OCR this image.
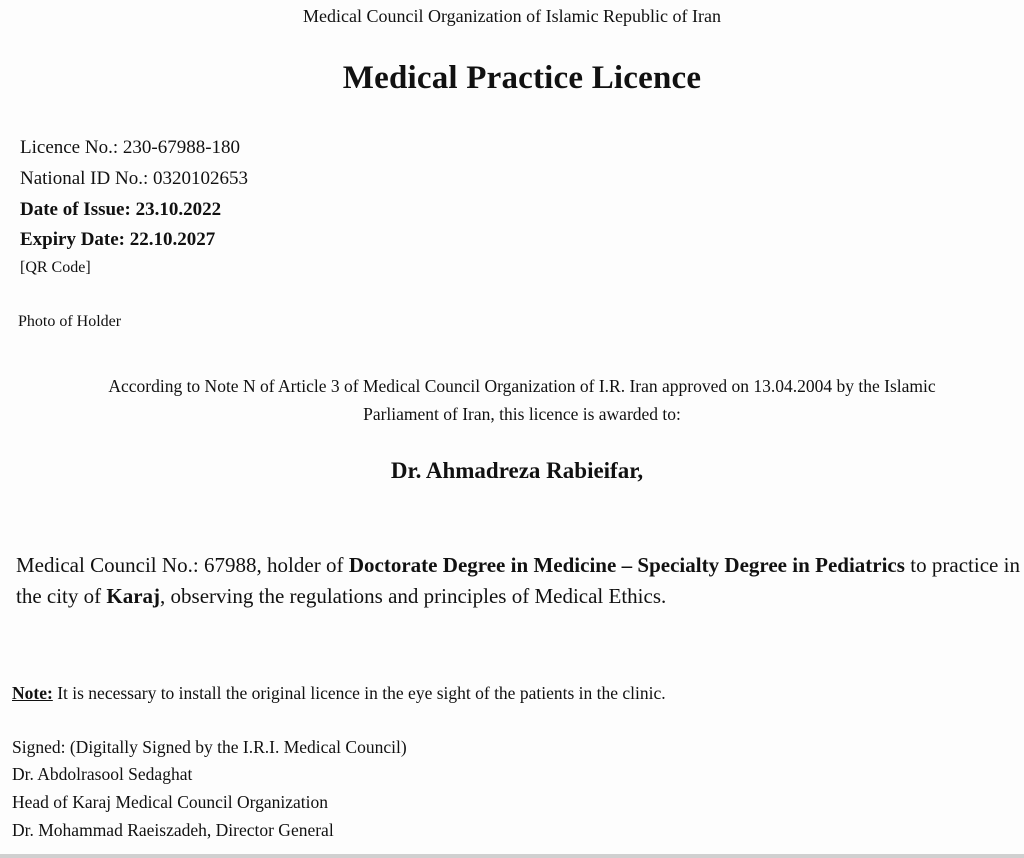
Medical Council Organization of Islamic Republic of Iran
Medical Practice Licence
Licence No.: 230-67988-180
National ID No.: 0320102653
Date of Issue: 23.10.2022
Expiry Date: 22.10.2027
[QR Code]
Photo of Holder
According to Note N of Article 3 of Medical Council Organization of I.R. Iran approved on 13.04.2004 by the Islamic
Parliament of Iran, this licence is awarded to:
Dr. Ahmadreza Rabieifar,
Medical Council No.: 67988, holder of Doctorate Degree in Medicine – Specialty Degree in Pediatrics to practice in the city of Karaj, observing the regulations and principles of Medical Ethics.
Note: It is necessary to install the original licence in the eye sight of the patients in the clinic.
Signed: (Digitally Signed by the I.R.I. Medical Council)
Dr. Abdolrasool Sedaghat
Head of Karaj Medical Council Organization
Dr. Mohammad Raeiszadeh, Director General
